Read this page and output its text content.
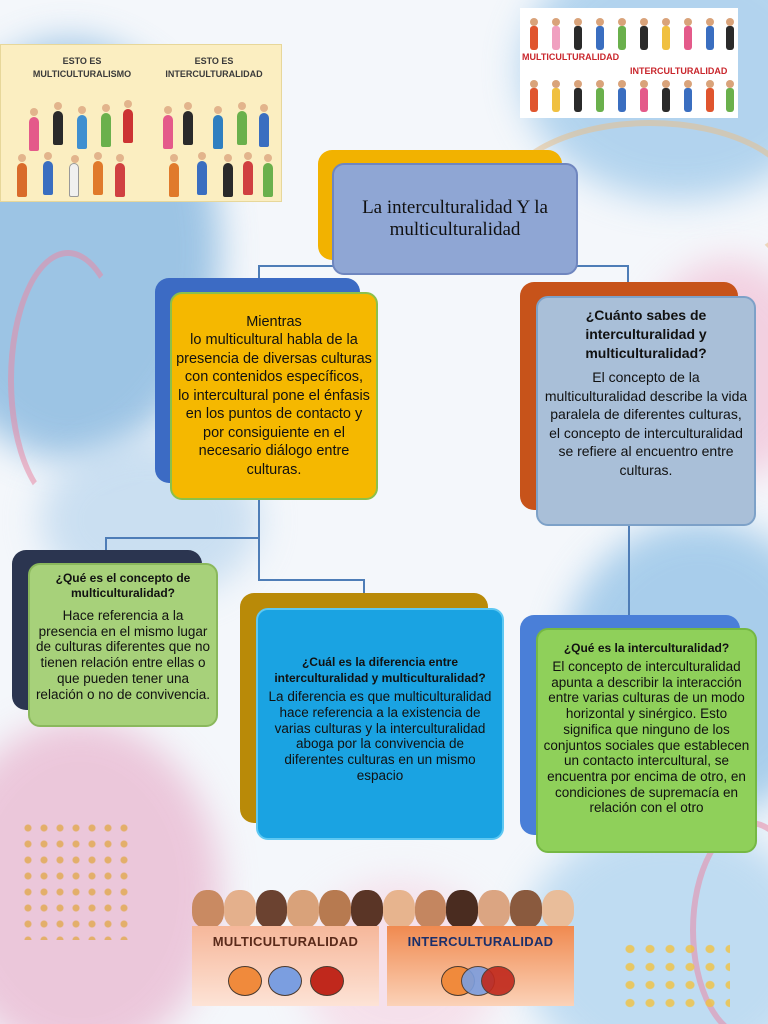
ESTO ES
MULTICULTURALISMO
ESTO ES
INTERCULTURALIDAD
MULTICULTURALIDAD
INTERCULTURALIDAD
La interculturalidad Y la multiculturalidad
Mientras
lo multicultural habla de la presencia de diversas culturas con contenidos específicos,
lo intercultural pone el énfasis en los puntos de contacto y por consiguiente en el necesario diálogo entre culturas.
¿Cuánto sabes de interculturalidad y multiculturalidad?
El concepto de la multiculturalidad describe la vida paralela de diferentes culturas, el concepto de interculturalidad se refiere al encuentro entre culturas.
¿Qué es el concepto de multiculturalidad?
Hace referencia a la presencia en el mismo lugar de culturas diferentes que no tienen relación entre ellas o que pueden tener una relación o no de convivencia.
¿Cuál es la diferencia entre interculturalidad y multiculturalidad?
La diferencia es que multiculturalidad hace referencia a la existencia de varias culturas y la interculturalidad aboga por la convivencia de diferentes culturas en un mismo espacio
¿Qué es la interculturalidad?
El concepto de interculturalidad apunta a describir la interacción entre varias culturas de un modo horizontal y sinérgico. Esto significa que ninguno de los conjuntos sociales que establecen un contacto intercultural, se encuentra por encima de otro, en condiciones de supremacía en relación con el otro
MULTICULTURALIDAD	INTERCULTURALIDAD
